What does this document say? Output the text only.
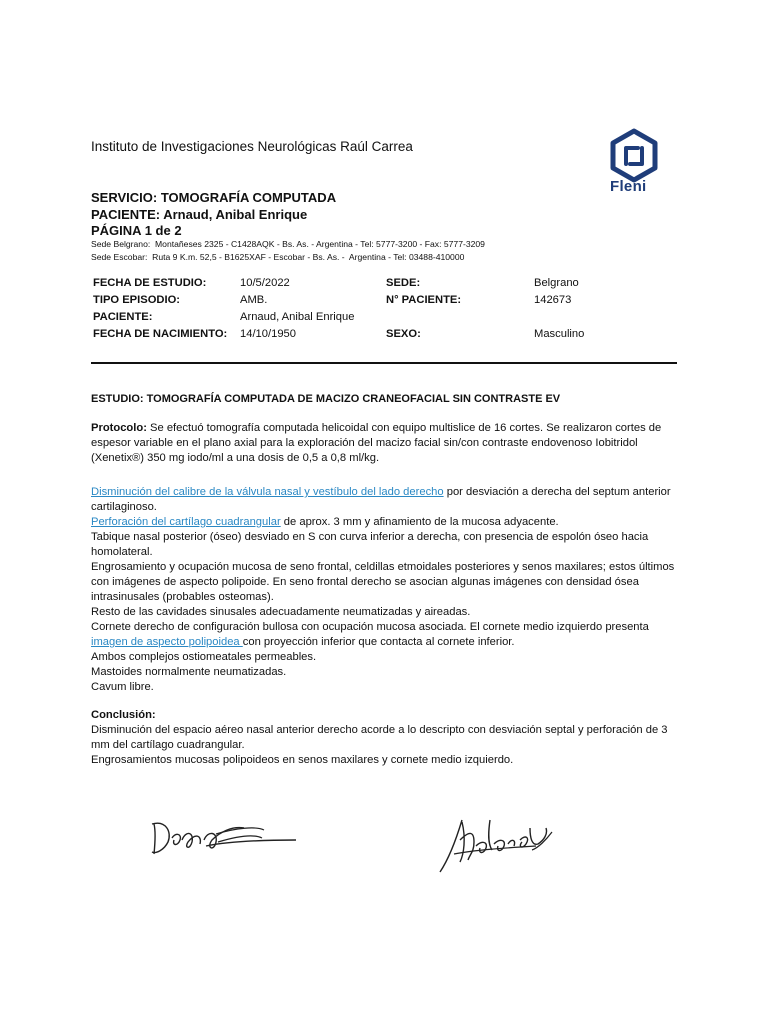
Instituto de Investigaciones Neurológicas Raúl Carrea
Fleni
SERVICIO: TOMOGRAFÍA COMPUTADA
PACIENTE: Arnaud, Anibal Enrique
PÁGINA 1 de 2
Sede Belgrano:  Montañeses 2325 - C1428AQK - Bs. As. - Argentina - Tel: 5777-3200 - Fax: 5777-3209
Sede Escobar:  Ruta 9 K.m. 52,5 - B1625XAF - Escobar - Bs. As. -  Argentina - Tel: 03488-410000
FECHA DE ESTUDIO:	10/5/2022	SEDE:	Belgrano
TIPO EPISODIO:	AMB.	N° PACIENTE:	142673
PACIENTE:	Arnaud, Anibal Enrique
FECHA DE NACIMIENTO: 14/10/1950	SEXO:	Masculino
ESTUDIO: TOMOGRAFÍA COMPUTADA DE MACIZO CRANEOFACIAL SIN CONTRASTE EV

Protocolo: Se efectuó tomografía computada helicoidal con equipo multislice de 16 cortes. Se realizaron cortes de espesor variable en el plano axial para la exploración del macizo facial sin/con contraste endovenoso Iobitridol (Xenetix®) 350 mg iodo/ml a una dosis de 0,5 a 0,8 ml/kg.

Disminución del calibre de la válvula nasal y vestíbulo del lado derecho por desviación a derecha del septum anterior cartilaginoso.

Perforación del cartílago cuadrangular de aprox. 3 mm y afinamiento de la mucosa adyacente.

Tabique nasal posterior (óseo) desviado en S con curva inferior a derecha, con presencia de espolón óseo hacia homolateral.

Engrosamiento y ocupación mucosa de seno frontal, celdillas etmoidales posteriores y senos maxilares; estos últimos con imágenes de aspecto polipoide. En seno frontal derecho se asocian algunas imágenes con densidad ósea intrasinusales (probables osteomas).

Resto de las cavidades sinusales adecuadamente neumatizadas y aireadas.

Cornete derecho de configuración bullosa con ocupación mucosa asociada. El cornete medio izquierdo presenta imagen de aspecto polipoidea con proyección inferior que contacta al cornete inferior.

Ambos complejos ostiomeatales permeables.

Mastoides normalmente neumatizadas.

Cavum libre.

Conclusión:

Disminución del espacio aéreo nasal anterior derecho acorde a lo descripto con desviación septal y perforación de 3 mm del cartílago cuadrangular.

Engrosamientos mucosas polipoideos en senos maxilares y cornete medio izquierdo.
